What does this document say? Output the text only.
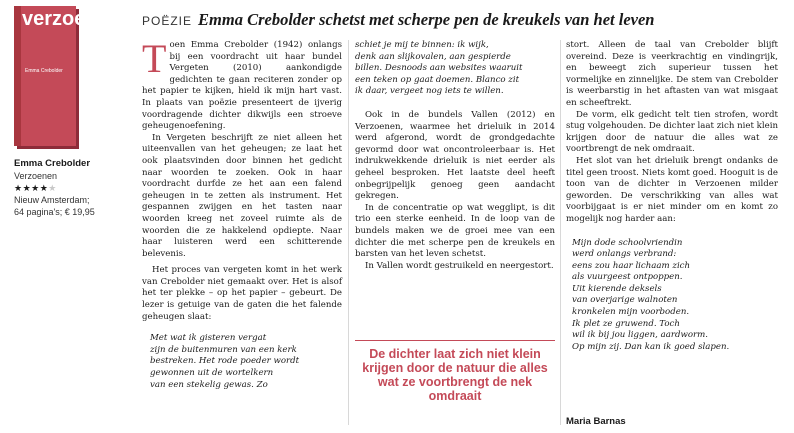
verzoenen
Emma Crebolder
Emma Crebolder
Verzoenen
★★★★★
Nieuw Amsterdam;
64 pagina's; € 19,95
POËZIE Emma Crebolder schetst met scherpe pen de kreukels van het leven

Toen Emma Crebolder (1942) onlangs bij een voordracht uit haar bundel Vergeten (2010) aankondigde gedichten te gaan reciteren zonder op het papier te kijken, hield ik mijn hart vast. In plaats van poëzie presenteert de ijverig voordragende dichter dikwijls een stroeve geheugenoefening.

In Vergeten beschrijft ze niet alleen het uiteenvallen van het geheugen; ze laat het ook plaatsvinden door binnen het gedicht naar woorden te zoeken. Ook in haar voordracht durfde ze het aan een falend geheugen in te zetten als instrument. Het gespannen zwijgen en het tasten naar woorden kreeg net zoveel ruimte als de woorden die ze hakkelend opdiepte. Naar haar luisteren werd een schitterende belevenis.

Het proces van vergeten komt in het werk van Crebolder niet gemaakt over. Het is alsof het ter plekke – op het papier – gebeurt. De lezer is getuige van de gaten die het falende geheugen slaat:

Met wat ik gisteren vergat
zijn de buitenmuren van een kerk
bestreken. Het rode poeder wordt
gewonnen uit de wortelkern
van een stekelig gewas. Zo
schiet je mij te binnen: ik wijk,
denk aan slijkovalen, aan gespierde
billen. Desnoods aan websites waaruit
een teken op gaat doemen. Blanco zit
ik daar, vergeet nog iets te willen.

Ook in de bundels Vallen (2012) en Verzoenen, waarmee het drieluik in 2014 werd afgerond, wordt de grondgedachte gevormd door wat oncontroleerbaar is. Het indrukwekkende drieluik is niet eerder als geheel besproken. Het laatste deel heeft onbegrijpelijk genoeg geen aandacht gekregen.

In de concentratie op wat wegglipt, is dit trio een sterke eenheid. In de loop van de bundels maken we de groei mee van een dichter die met scherpe pen de kreukels en barsten van het leven schetst.

In Vallen wordt gestruikeld en neergestort.

De dichter laat zich niet klein krijgen door de natuur die alles wat ze voortbrengt de nek omdraait

stort. Alleen de taal van Crebolder blijft overeind. Deze is veerkrachtig en vindingrijk, en beweegt zich superieur tussen het vormelijke en zinnelijke. De stem van Crebolder is weerbarstig in het aftasten van wat misgaat en scheeftrekt.

De vorm, elk gedicht telt tien strofen, wordt stug volgehouden. De dichter laat zich niet klein krijgen door de natuur die alles wat ze voortbrengt de nek omdraait.

Het slot van het drieluik brengt ondanks de titel geen troost. Niets komt goed. Hooguit is de toon van de dichter in Verzoenen milder geworden. De verschrikking van alles wat voorbijgaat is er niet minder om en komt zo mogelijk nog harder aan:

Mijn dode schoolvriendin
werd onlangs verbrand:
eens zou haar lichaam zich
als vuurgeest ontpoppen.
Uit kierende deksels
van overjarige walnoten
kronkelen mijn voorboden.
Ik plet ze gruwend. Toch
wil ik bij jou liggen, aardworm.
Op mijn zij. Dan kan ik goed slapen.
Maria Barnas
